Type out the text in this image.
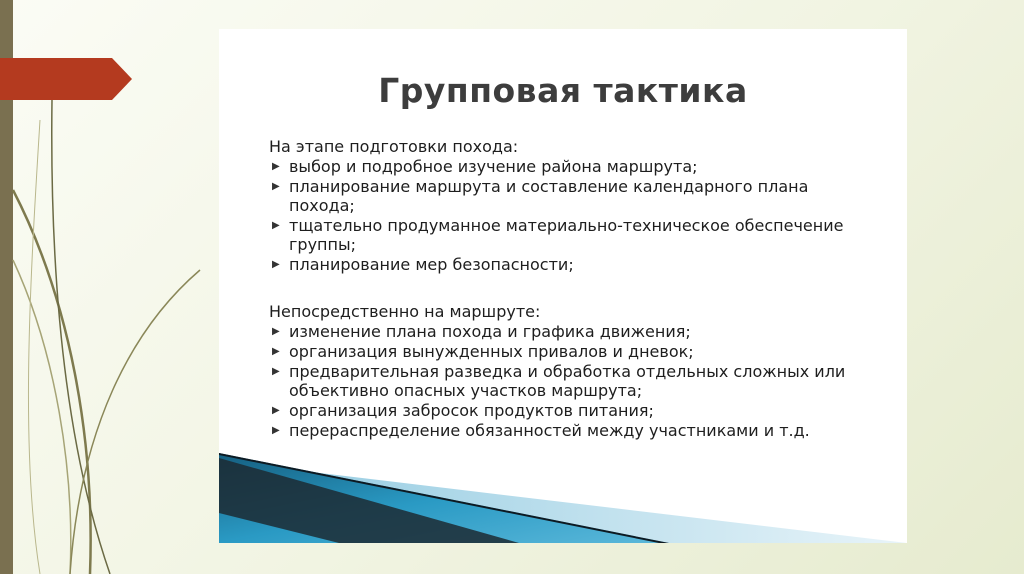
Групповая тактика

На этапе подготовки похода:

▶ выбор и подробное изучение района маршрута;
▶ планирование маршрута и составление календарного плана похода;
▶ тщательно продуманное материально-техническое обеспечение группы;
▶ планирование мер безопасности;

Непосредственно на маршруте:

▶ изменение плана похода и графика движения;
▶ организация вынужденных привалов и дневок;
▶ предварительная разведка и обработка отдельных сложных или объективно опасных участков маршрута;
▶ организация забросок продуктов питания;
▶ перераспределение обязанностей между участниками и т.д.
